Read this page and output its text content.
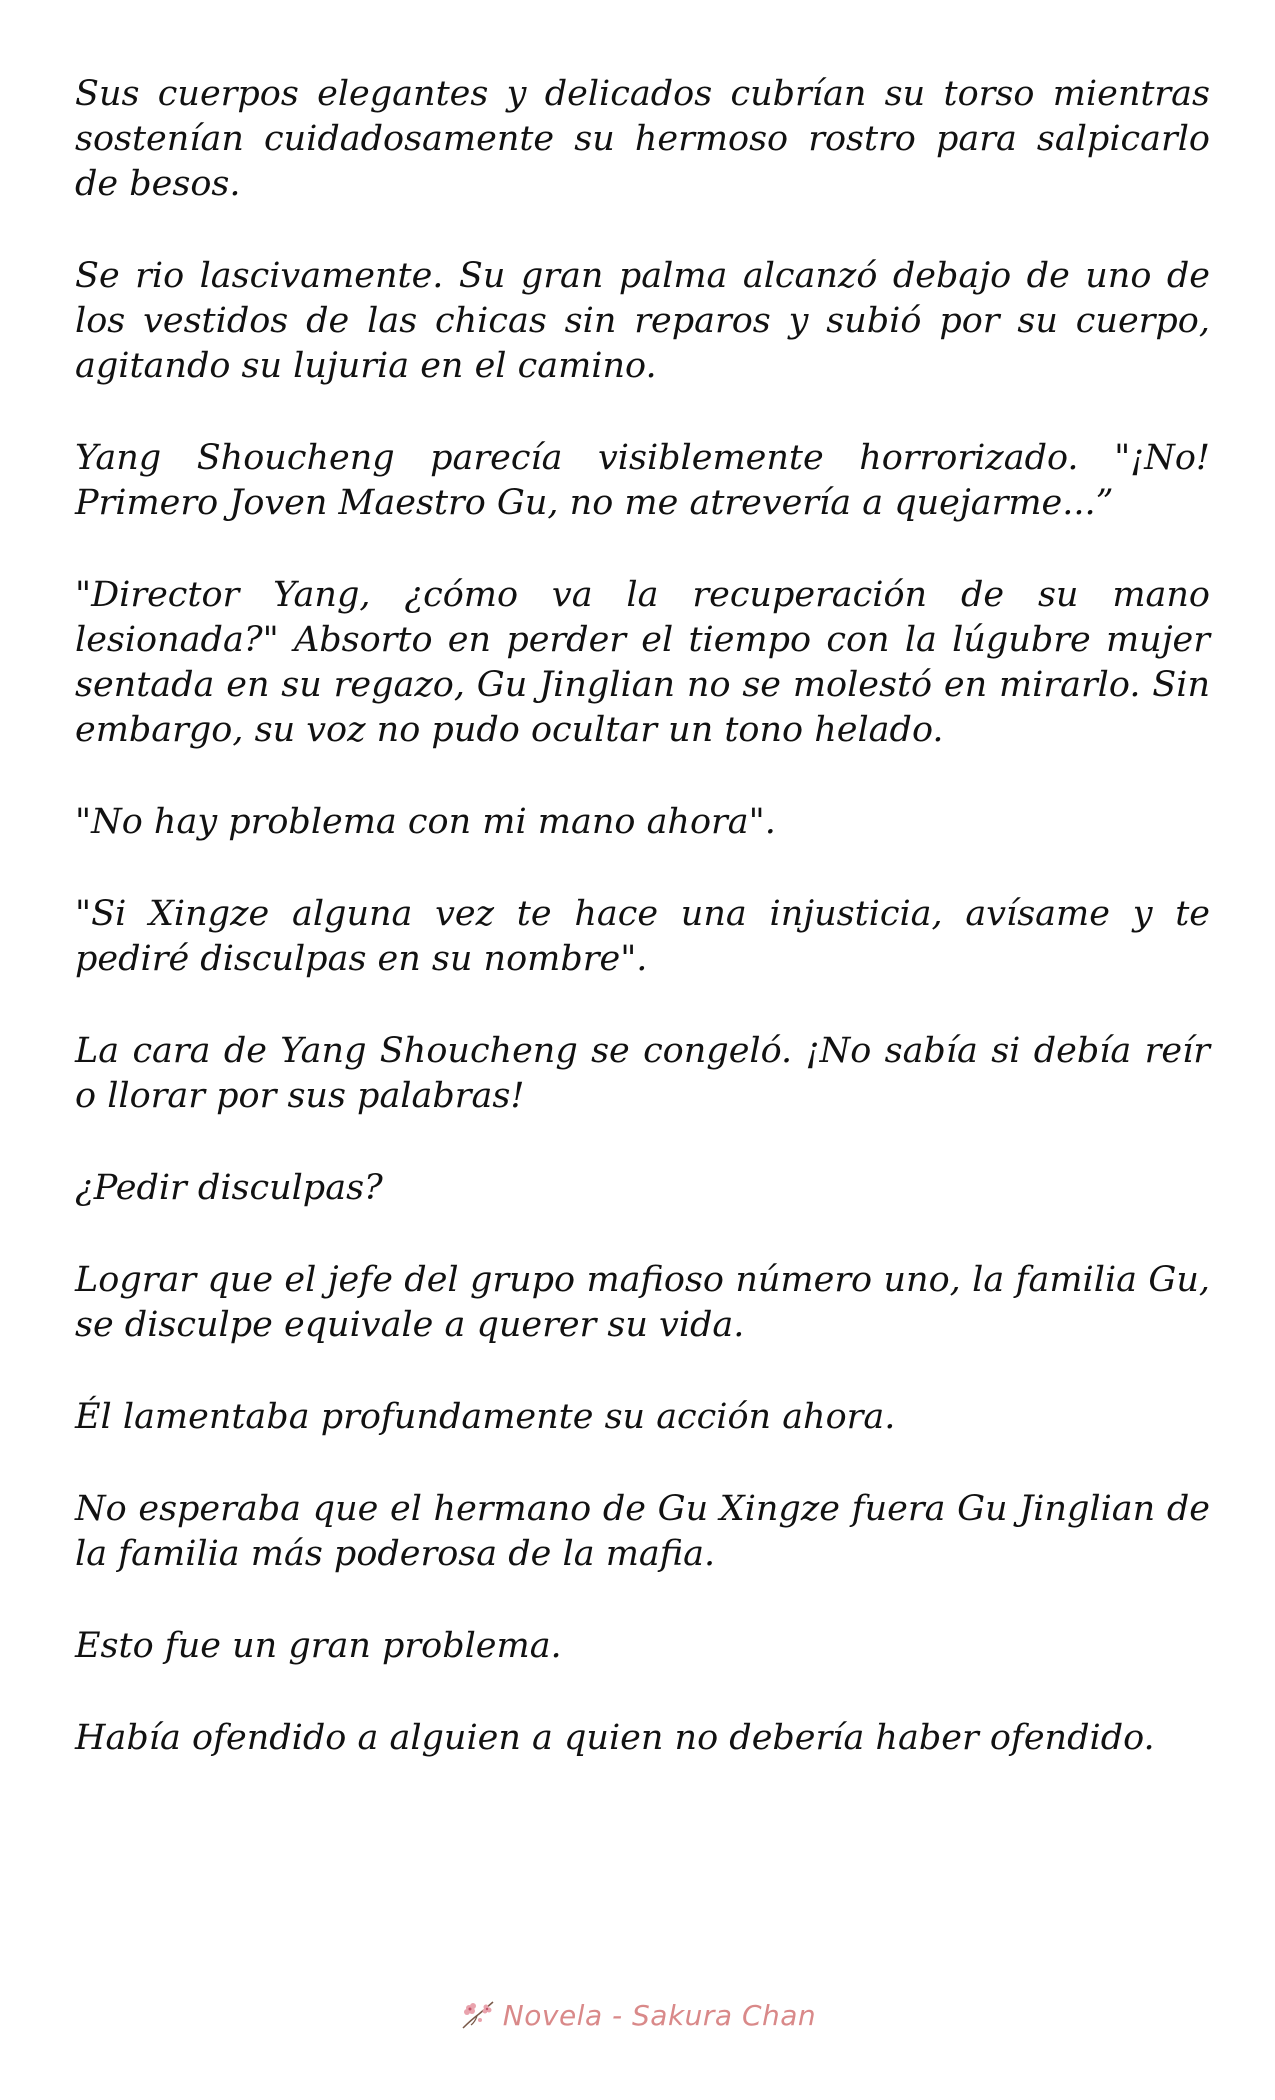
Sus cuerpos elegantes y delicados cubrían su torso mientras sostenían cuidadosamente su hermoso rostro para salpicarlo de besos.

Se rio lascivamente. Su gran palma alcanzó debajo de uno de los vestidos de las chicas sin reparos y subió por su cuerpo, agitando su lujuria en el camino.

Yang Shoucheng parecía visiblemente horrorizado. "¡No! Primero Joven Maestro Gu, no me atrevería a quejarme...”

"Director Yang, ¿cómo va la recuperación de su mano lesionada?" Absorto en perder el tiempo con la lúgubre mujer sentada en su regazo, Gu Jinglian no se molestó en mirarlo. Sin embargo, su voz no pudo ocultar un tono helado.

"No hay problema con mi mano ahora".

"Si Xingze alguna vez te hace una injusticia, avísame y te pediré disculpas en su nombre".

La cara de Yang Shoucheng se congeló. ¡No sabía si debía reír o llorar por sus palabras!

¿Pedir disculpas?

Lograr que el jefe del grupo mafioso número uno, la familia Gu, se disculpe equivale a querer su vida.

Él lamentaba profundamente su acción ahora.

No esperaba que el hermano de Gu Xingze fuera Gu Jinglian de la familia más poderosa de la mafia.

Esto fue un gran problema.

Había ofendido a alguien a quien no debería haber ofendido.

Novela - Sakura Chan
